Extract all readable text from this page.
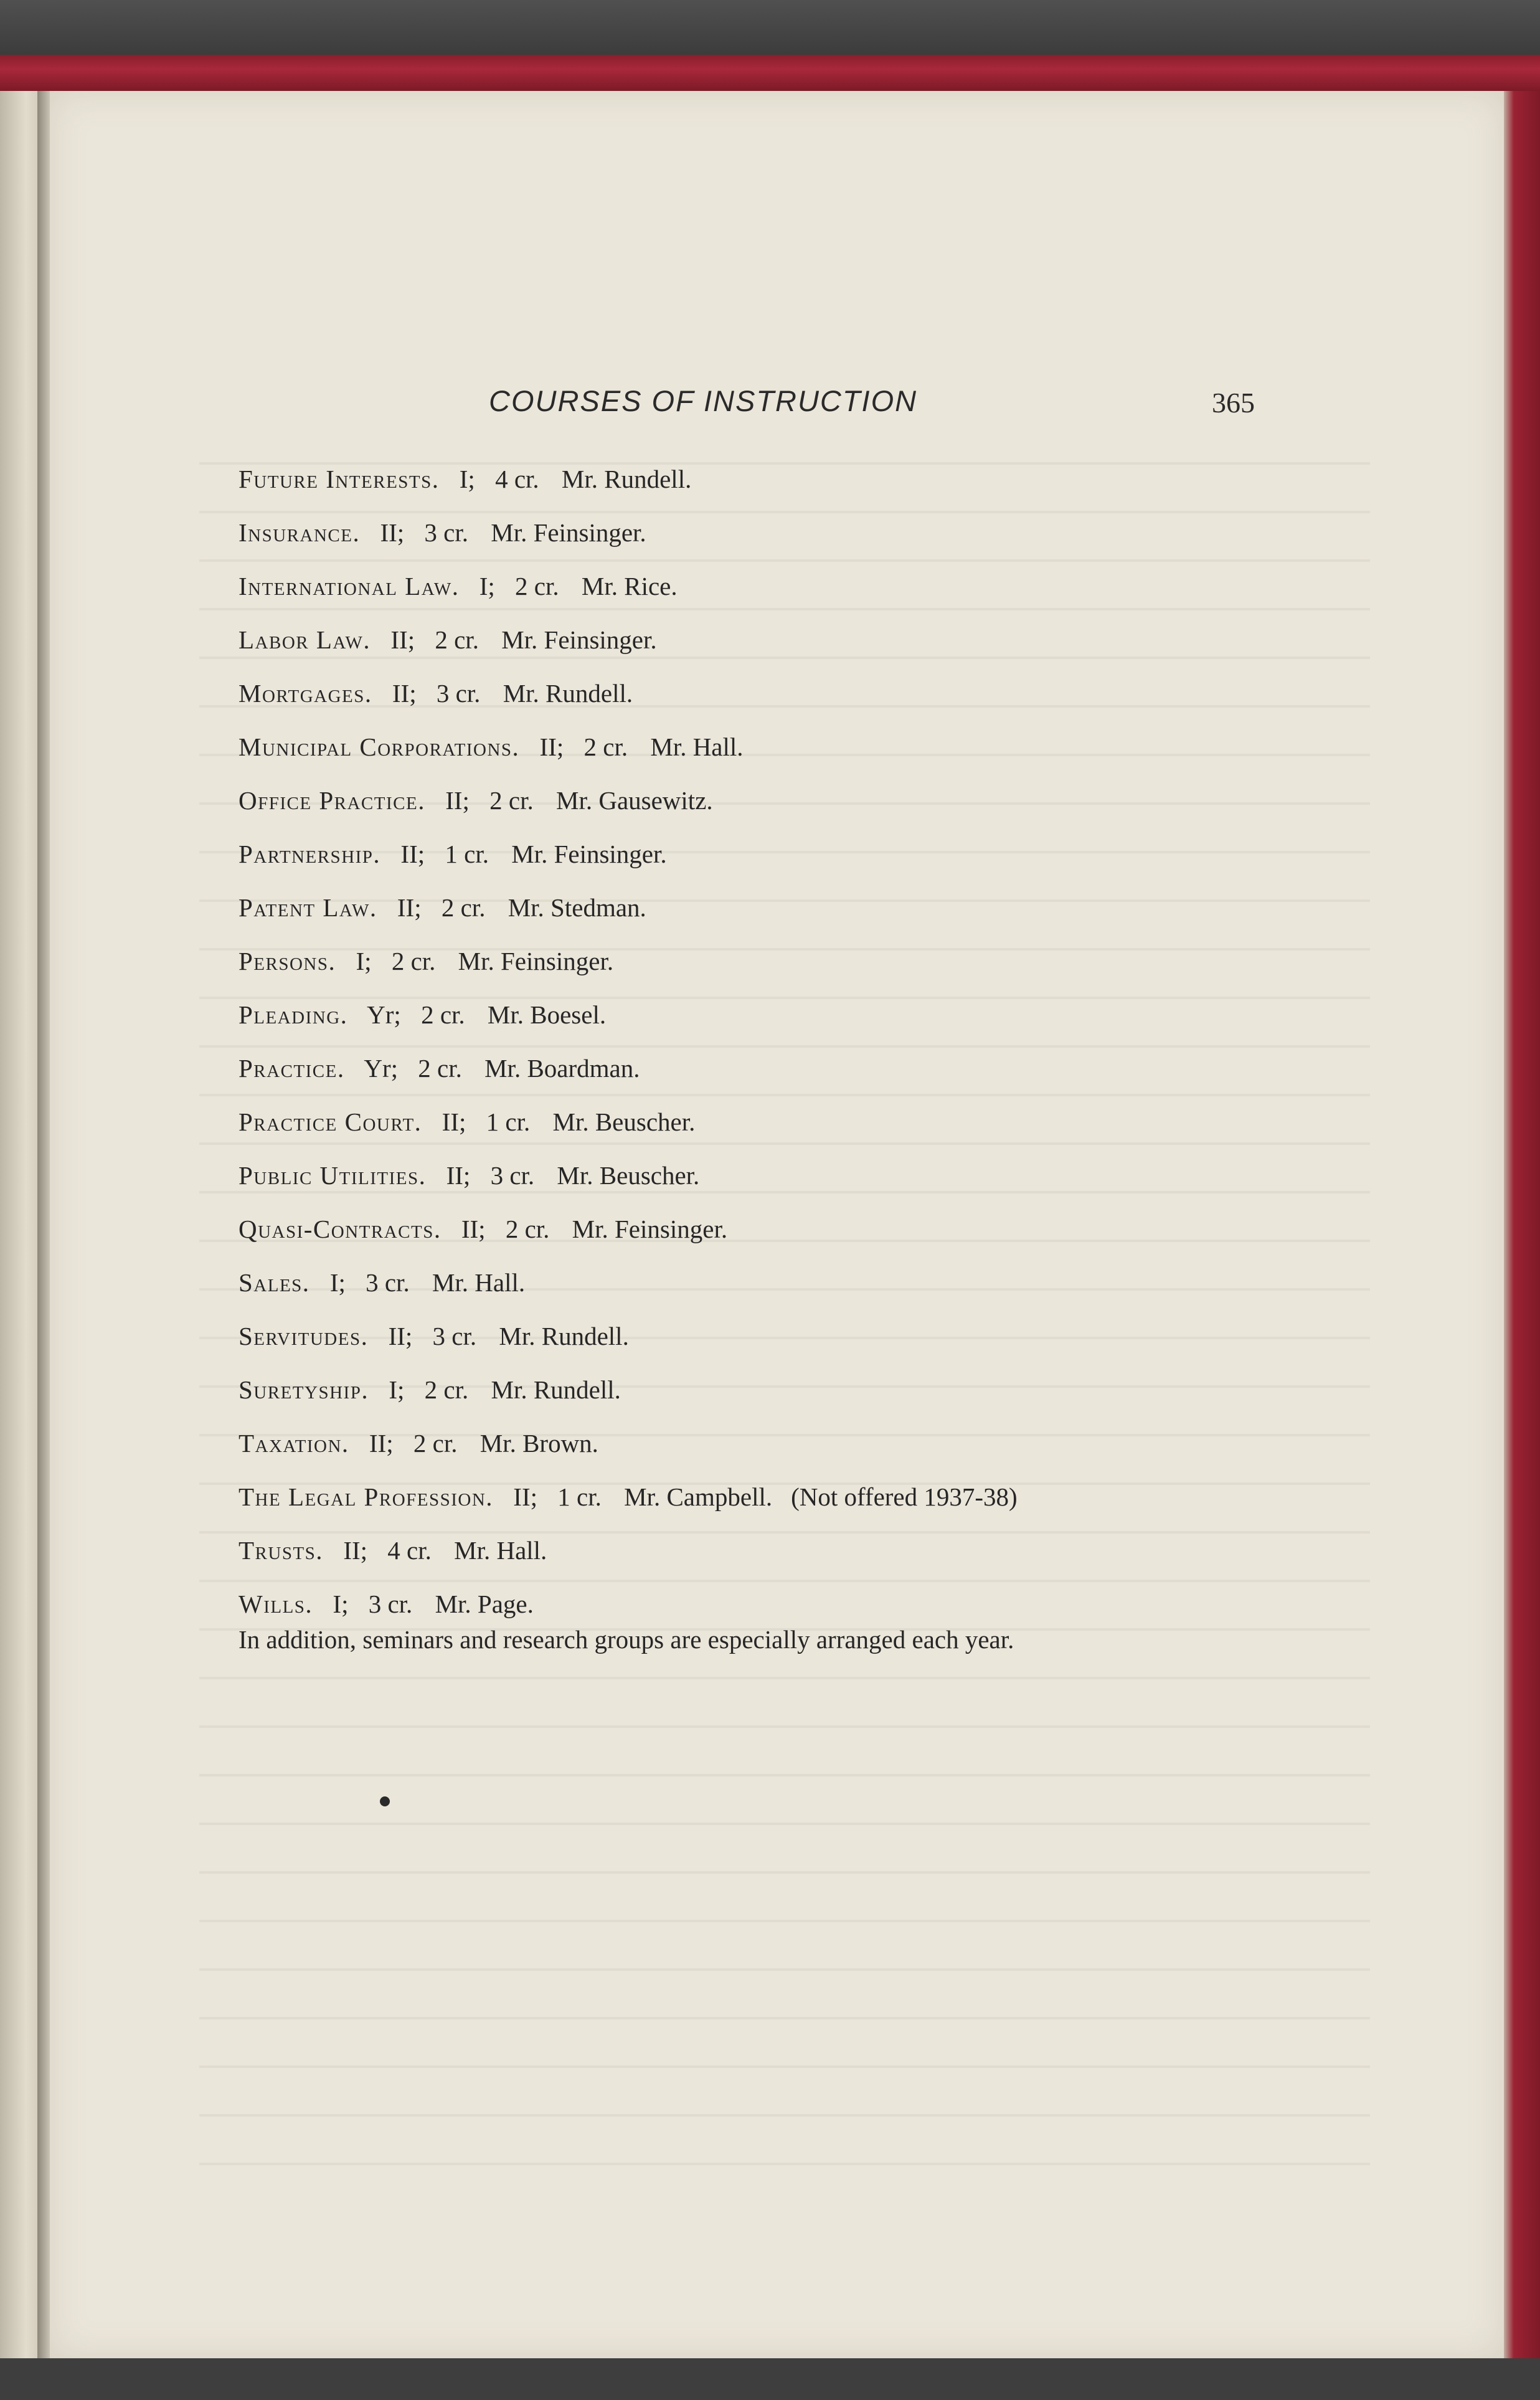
COURSES OF INSTRUCTION	365
Future Interests. I; 4 cr. Mr. Rundell.
Insurance. II; 3 cr. Mr. Feinsinger.
International Law. I; 2 cr. Mr. Rice.
Labor Law. II; 2 cr. Mr. Feinsinger.
Mortgages. II; 3 cr. Mr. Rundell.
Municipal Corporations. II; 2 cr. Mr. Hall.
Office Practice. II; 2 cr. Mr. Gausewitz.
Partnership. II; 1 cr. Mr. Feinsinger.
Patent Law. II; 2 cr. Mr. Stedman.
Persons. I; 2 cr. Mr. Feinsinger.
Pleading. Yr; 2 cr. Mr. Boesel.
Practice. Yr; 2 cr. Mr. Boardman.
Practice Court. II; 1 cr. Mr. Beuscher.
Public Utilities. II; 3 cr. Mr. Beuscher.
Quasi-Contracts. II; 2 cr. Mr. Feinsinger.
Sales. I; 3 cr. Mr. Hall.
Servitudes. II; 3 cr. Mr. Rundell.
Suretyship. I; 2 cr. Mr. Rundell.
Taxation. II; 2 cr. Mr. Brown.
The Legal Profession. II; 1 cr. Mr. Campbell. (Not offered 1937-38)
Trusts. II; 4 cr. Mr. Hall.
Wills. I; 3 cr. Mr. Page.
In addition, seminars and research groups are especially arranged each year.
